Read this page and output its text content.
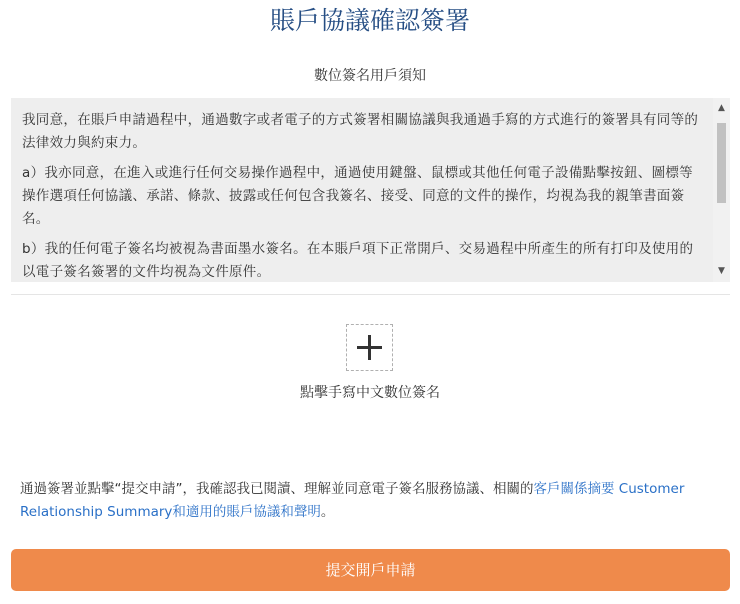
賬戶協議確認簽署
數位簽名用戶須知

我同意，在賬戶申請過程中，通過數字或者電子的方式簽署相關協議與我通過手寫的方式進行的簽署具有同等的法律效力與約束力。

a）我亦同意，在進入或進行任何交易操作過程中，通過使用鍵盤、鼠標或其他任何電子設備點擊按鈕、圖標等操作選項任何協議、承諾、條款、披露或任何包含我簽名、接受、同意的文件的操作，均視為我的親筆書面簽名。

b）我的任何電子簽名均被視為書面墨水簽名。在本賬戶項下正常開戶、交易過程中所產生的所有打印及使用的以電子簽名簽署的文件均視為文件原件。

▲
▼
點擊手寫中文數位簽名
通過簽署並點擊“提交申請”，我確認我已閱讀、理解並同意電子簽名服務協議、相關的客戶關係摘要 Customer Relationship Summary和適用的賬戶協議和聲明。
提交開戶申請
